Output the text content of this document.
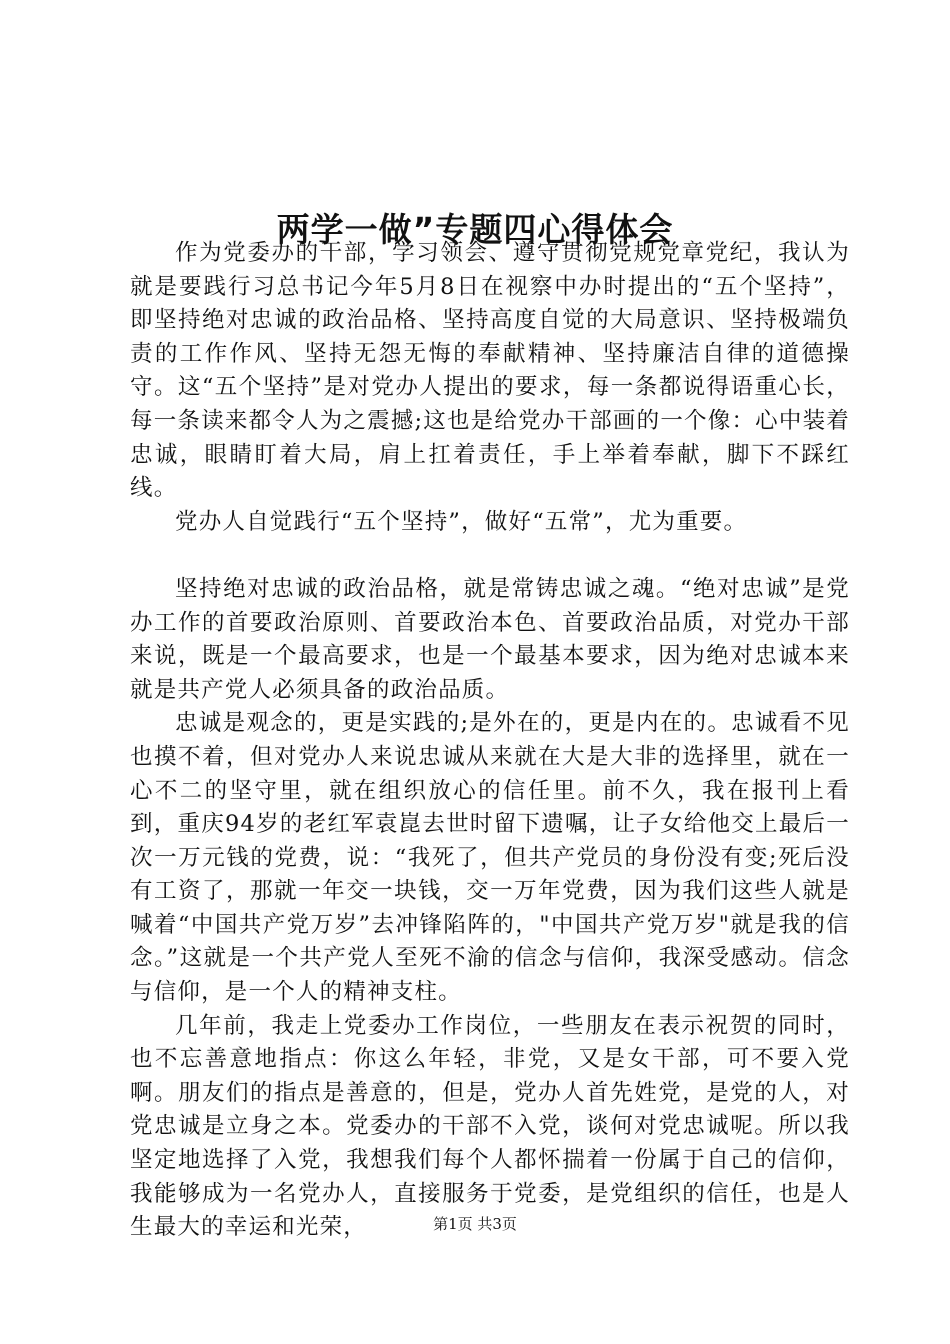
两学一做”专题四心得体会

作为党委办的干部，学习领会、遵守贯彻党规党章党纪，我认为就是要践行习总书记今年5月8日在视察中办时提出的“五个坚持”，即坚持绝对忠诚的政治品格、坚持高度自觉的大局意识、坚持极端负责的工作作风、坚持无怨无悔的奉献精神、坚持廉洁自律的道德操守。这“五个坚持”是对党办人提出的要求，每一条都说得语重心长，每一条读来都令人为之震撼;这也是给党办干部画的一个像：心中装着忠诚，眼睛盯着大局，肩上扛着责任，手上举着奉献，脚下不踩红线。

党办人自觉践行“五个坚持”，做好“五常”，尤为重要。

坚持绝对忠诚的政治品格，就是常铸忠诚之魂。“绝对忠诚”是党办工作的首要政治原则、首要政治本色、首要政治品质，对党办干部来说，既是一个最高要求，也是一个最基本要求，因为绝对忠诚本来就是共产党人必须具备的政治品质。

忠诚是观念的，更是实践的;是外在的，更是内在的。忠诚看不见也摸不着，但对党办人来说忠诚从来就在大是大非的选择里，就在一心不二的坚守里，就在组织放心的信任里。前不久，我在报刊上看到，重庆94岁的老红军袁崑去世时留下遗嘱，让子女给他交上最后一次一万元钱的党费，说：“我死了，但共产党员的身份没有变;死后没有工资了，那就一年交一块钱，交一万年党费，因为我们这些人就是喊着“中国共产党万岁”去冲锋陷阵的，"中国共产党万岁"就是我的信念。”这就是一个共产党人至死不渝的信念与信仰，我深受感动。信念与信仰，是一个人的精神支柱。

几年前，我走上党委办工作岗位，一些朋友在表示祝贺的同时，也不忘善意地指点：你这么年轻，非党，又是女干部，可不要入党啊。朋友们的指点是善意的，但是，党办人首先姓党，是党的人，对党忠诚是立身之本。党委办的干部不入党，谈何对党忠诚呢。所以我坚定地选择了入党，我想我们每个人都怀揣着一份属于自己的信仰，我能够成为一名党办人，直接服务于党委，是党组织的信任，也是人生最大的幸运和光荣，	第1页 共3页
